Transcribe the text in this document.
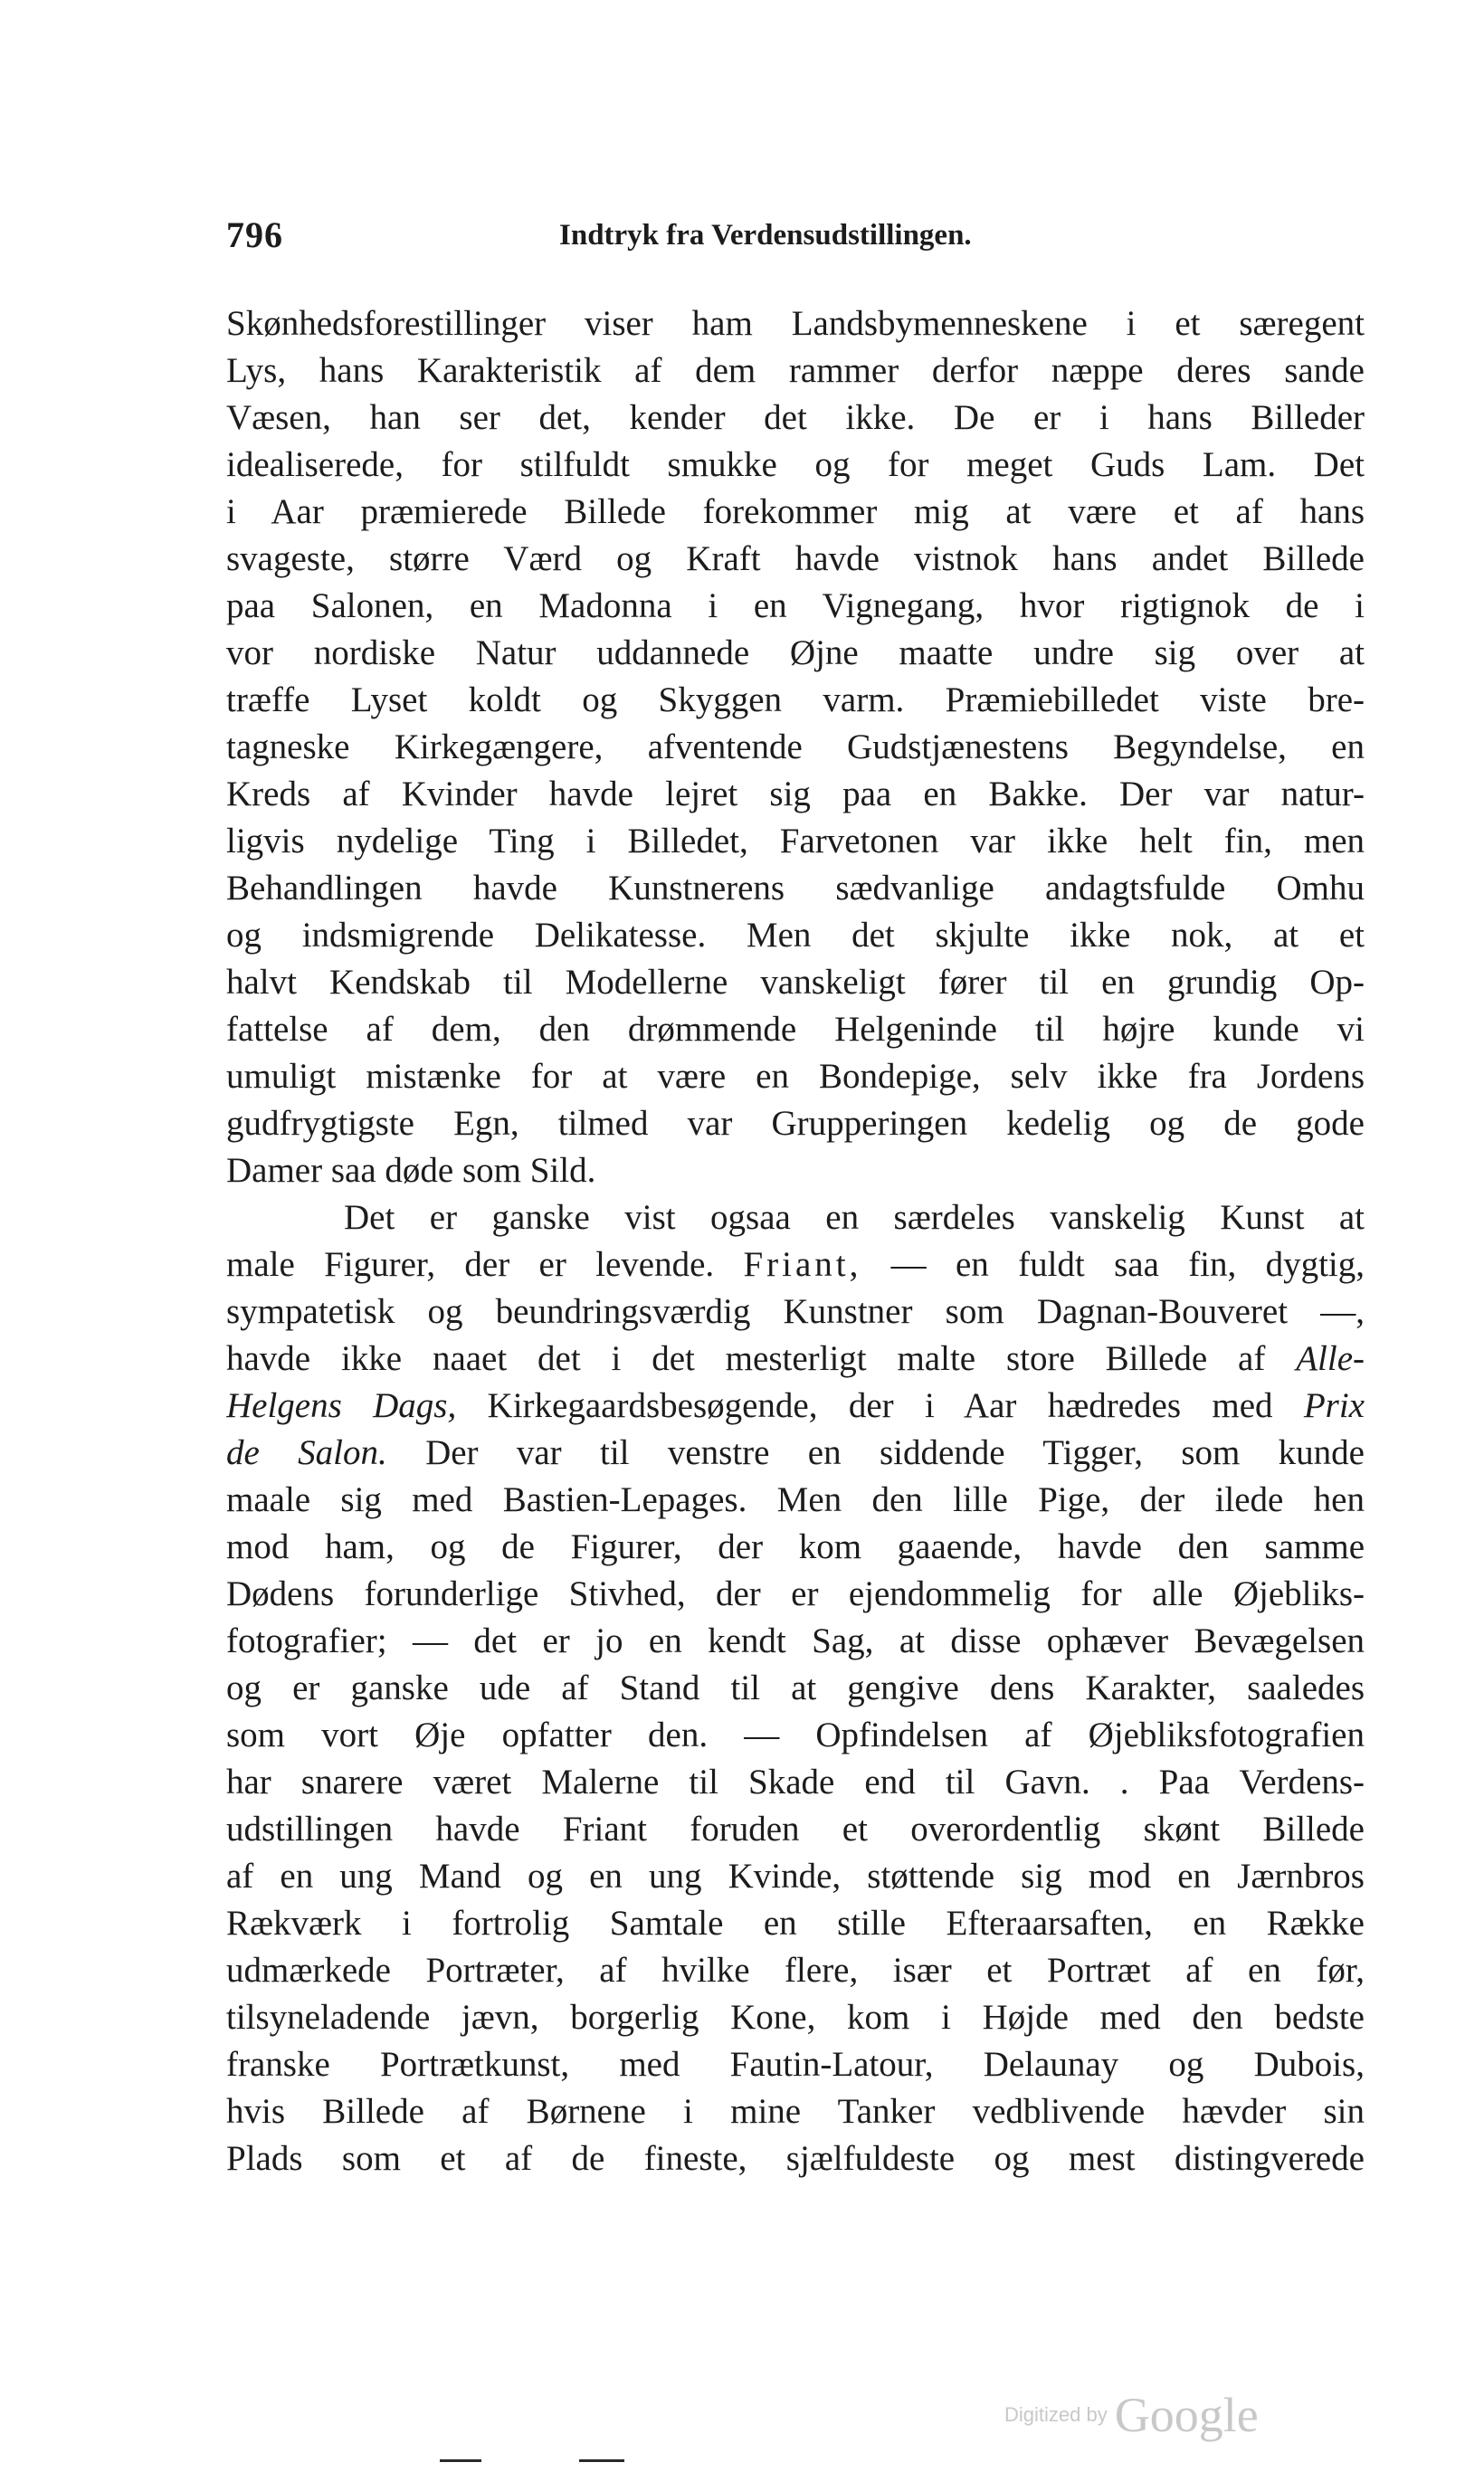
796	Indtryk fra Verdensudstillingen.
Skønhedsforestillinger viser ham Landsbymenneskene i et særegent
Lys, hans Karakteristik af dem rammer derfor næppe deres sande
Væsen, han ser det, kender det ikke. De er i hans Billeder
idealiserede, for stilfuldt smukke og for meget Guds Lam. Det
i Aar præmierede Billede forekommer mig at være et af hans
svageste, større Værd og Kraft havde vistnok hans andet Billede
paa Salonen, en Madonna i en Vignegang, hvor rigtignok de i
vor nordiske Natur uddannede Øjne maatte undre sig over at
træffe Lyset koldt og Skyggen varm. Præmiebilledet viste bre-
tagneske Kirkegængere, afventende Gudstjænestens Begyndelse, en
Kreds af Kvinder havde lejret sig paa en Bakke. Der var natur-
ligvis nydelige Ting i Billedet, Farvetonen var ikke helt fin, men
Behandlingen havde Kunstnerens sædvanlige andagtsfulde Omhu
og indsmigrende Delikatesse. Men det skjulte ikke nok, at et
halvt Kendskab til Modellerne vanskeligt fører til en grundig Op-
fattelse af dem, den drømmende Helgeninde til højre kunde vi
umuligt mistænke for at være en Bondepige, selv ikke fra Jordens
gudfrygtigste Egn, tilmed var Grupperingen kedelig og de gode
Damer saa døde som Sild.
Det er ganske vist ogsaa en særdeles vanskelig Kunst at
male Figurer, der er levende. Friant, — en fuldt saa fin, dygtig,
sympatetisk og beundringsværdig Kunstner som Dagnan-Bouveret —,
havde ikke naaet det i det mesterligt malte store Billede af Alle-
Helgens Dags, Kirkegaardsbesøgende, der i Aar hædredes med Prix
de Salon. Der var til venstre en siddende Tigger, som kunde
maale sig med Bastien-Lepages. Men den lille Pige, der ilede hen
mod ham, og de Figurer, der kom gaaende, havde den samme
Dødens forunderlige Stivhed, der er ejendommelig for alle Øjebliks-
fotografier; — det er jo en kendt Sag, at disse ophæver Bevægelsen
og er ganske ude af Stand til at gengive dens Karakter, saaledes
som vort Øje opfatter den. — Opfindelsen af Øjebliksfotografien
har snarere været Malerne til Skade end til Gavn. . Paa Verdens-
udstillingen havde Friant foruden et overordentlig skønt Billede
af en ung Mand og en ung Kvinde, støttende sig mod en Jærnbros
Rækværk i fortrolig Samtale en stille Efteraarsaften, en Række
udmærkede Portræter, af hvilke flere, især et Portræt af en før,
tilsyneladende jævn, borgerlig Kone, kom i Højde med den bedste
franske Portrætkunst, med Fautin-Latour, Delaunay og Dubois,
hvis Billede af Børnene i mine Tanker vedblivende hævder sin
Plads som et af de fineste, sjælfuldeste og mest distingverede
Digitized by Google
